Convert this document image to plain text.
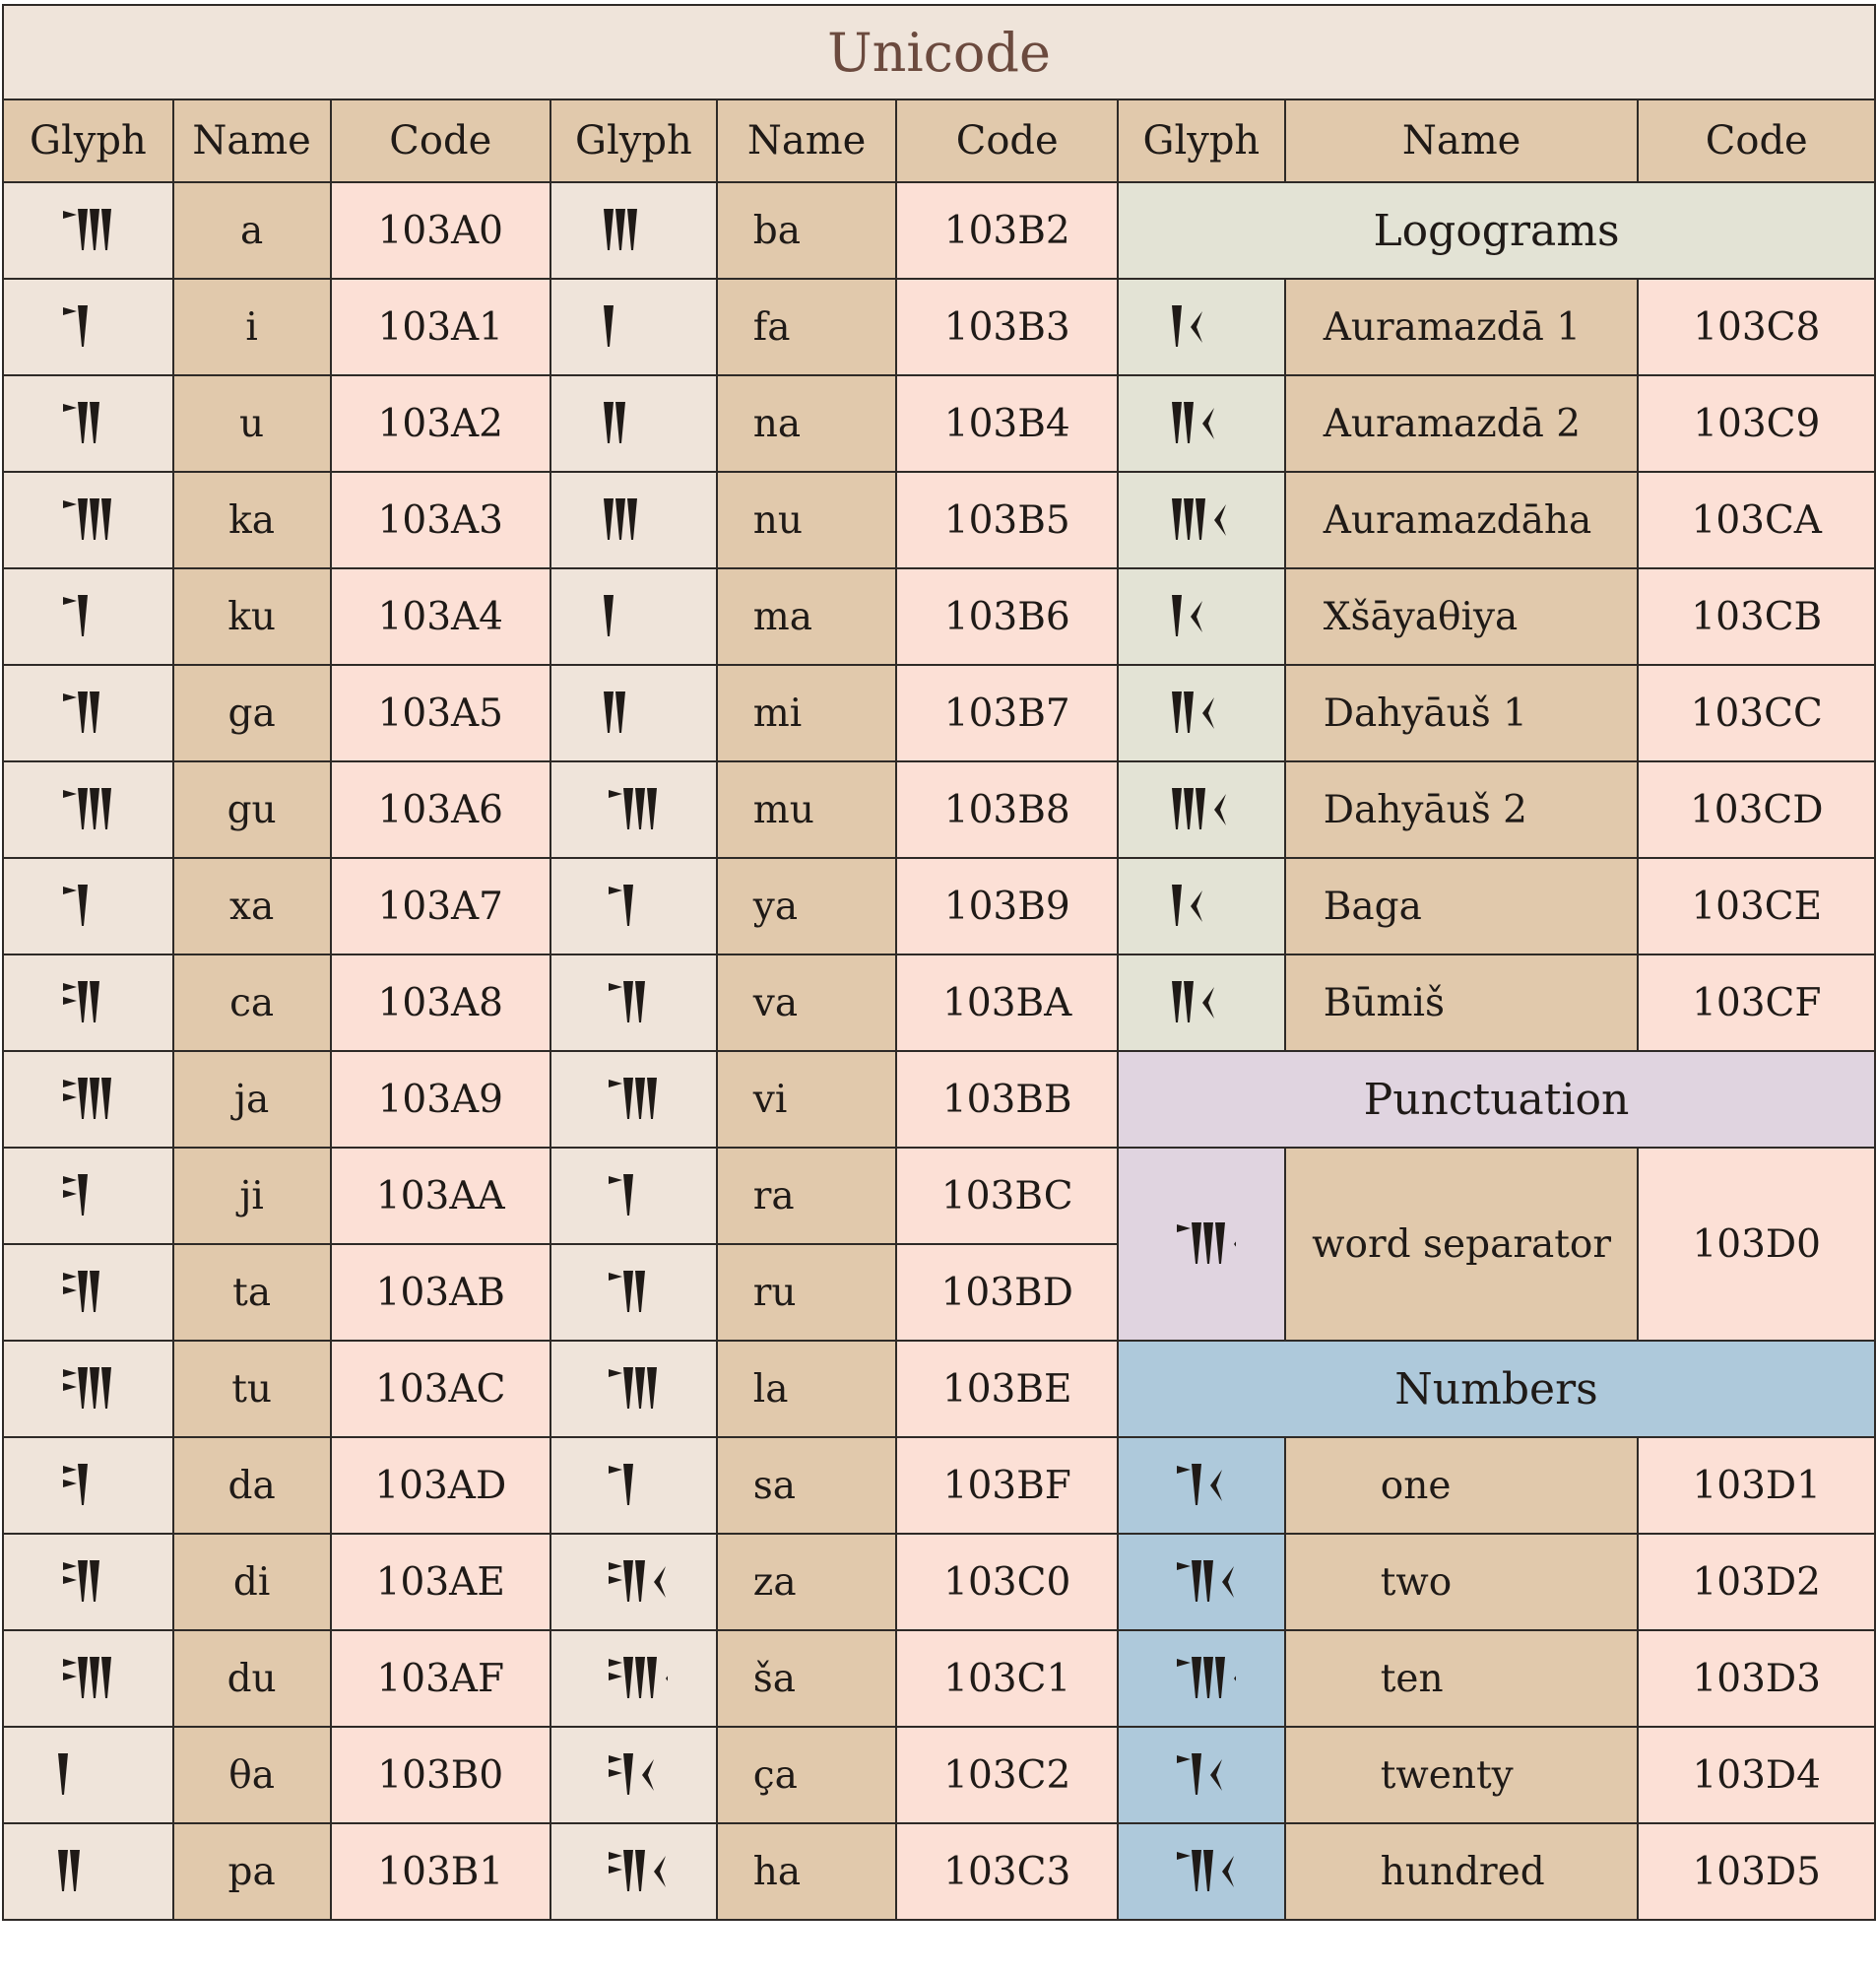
Unicode								
Glyph	Name	Code	Glyph	Name	Code	Glyph	Name	Code

	a	103A0		ba	103B2	Logograms		

	i	103A1		fa	103B3		Auramazdā 1	103C8

	u	103A2		na	103B4		Auramazdā 2	103C9

	ka	103A3		nu	103B5		Auramazdāha	103CA

	ku	103A4		ma	103B6		Xšāyaθiya	103CB

	ga	103A5		mi	103B7		Dahyāuš 1	103CC

	gu	103A6		mu	103B8		Dahyāuš 2	103CD

	xa	103A7		ya	103B9		Baga	103CE

	ca	103A8		va	103BA		Būmiš	103CF

	ja	103A9		vi	103BB	Punctuation		

	ji	103AA		ra	103BC		word separator	103D0

	ta	103AB		ru	103BD			

	tu	103AC		la	103BE	Numbers		

	da	103AD		sa	103BF		one	103D1

	di	103AE		za	103C0		two	103D2

	du	103AF		ša	103C1		ten	103D3

	θa	103B0		ça	103C2		twenty	103D4

	pa	103B1		ha	103C3		hundred	103D5
